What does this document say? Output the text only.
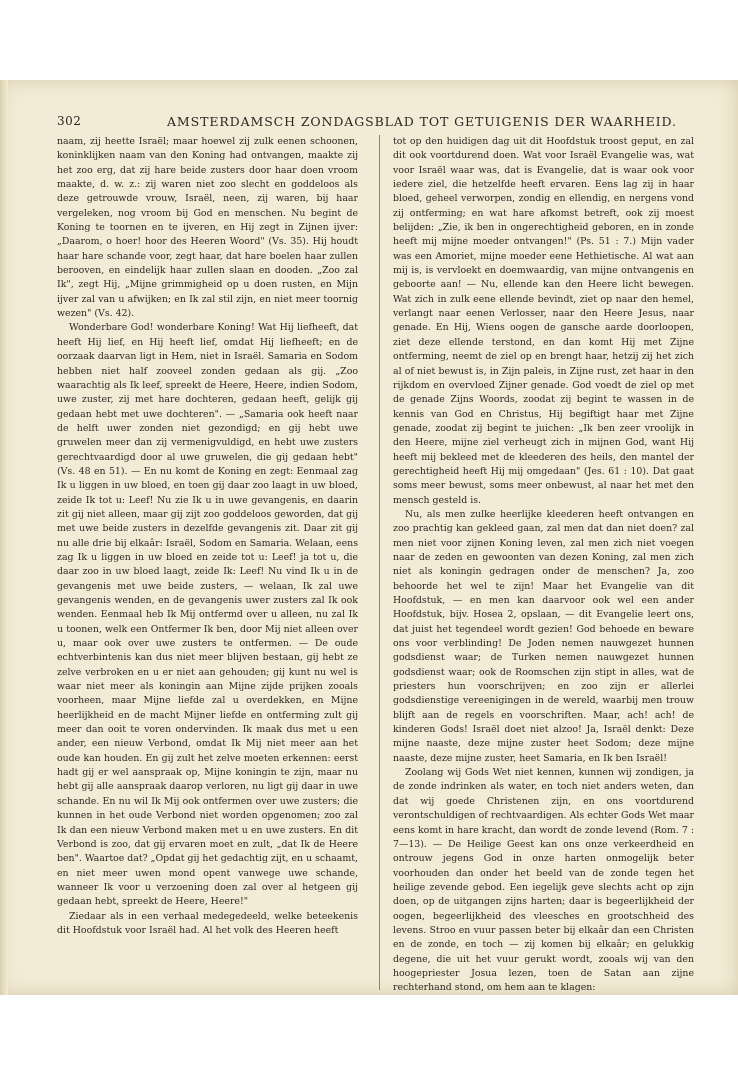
302	AMSTERDAMSCH ZONDAGSBLAD TOT GETUIGENIS DER WAARHEID.

naam, zij heette Israël; maar hoewel zij zulk eenen schoonen, koninklijken naam van den Koning had ontvangen, maakte zij het zoo erg, dat zij hare beide zusters door haar doen vroom maakte, d. w. z.: zij waren niet zoo slecht en goddeloos als deze getrouwde vrouw, Israël, neen, zij waren, bij haar vergeleken, nog vroom bij God en menschen. Nu begint de Koning te toornen en te ijveren, en Hij zegt in Zijnen ijver: „Daarom, o hoer! hoor des Heeren Woord" (Vs. 35). Hij houdt haar hare schande voor, zegt haar, dat hare boelen haar zullen berooven, en eindelijk haar zullen slaan en dooden. „Zoo zal Ik", zegt Hij, „Mijne grimmigheid op u doen rusten, en Mijn ijver zal van u afwijken; en Ik zal stil zijn, en niet meer toornig wezen" (Vs. 42).

Wonderbare God! wonderbare Koning! Wat Hij liefheeft, dat heeft Hij lief, en Hij heeft lief, omdat Hij liefheeft; en de oorzaak daarvan ligt in Hem, niet in Israël. Samaria en Sodom hebben niet half zooveel zonden gedaan als gij. „Zoo waarachtig als Ik leef, spreekt de Heere, Heere, indien Sodom, uwe zuster, zij met hare dochteren, gedaan heeft, gelijk gij gedaan hebt met uwe dochteren". — „Samaria ook heeft naar de helft uwer zonden niet gezondigd; en gij hebt uwe gruwelen meer dan zij vermenigvuldigd, en hebt uwe zusters gerechtvaardigd door al uwe gruwelen, die gij gedaan hebt" (Vs. 48 en 51). — En nu komt de Koning en zegt: Eenmaal zag Ik u liggen in uw bloed, en toen gij daar zoo laagt in uw bloed, zeide Ik tot u: Leef! Nu zie Ik u in uwe gevangenis, en daarin zit gij niet alleen, maar gij zijt zoo goddeloos geworden, dat gij met uwe beide zusters in dezelfde gevangenis zit. Daar zit gij nu alle drie bij elkaâr: Israël, Sodom en Samaria. Welaan, eens zag Ik u liggen in uw bloed en zeide tot u: Leef! ja tot u, die daar zoo in uw bloed laagt, zeide Ik: Leef! Nu vind Ik u in de gevangenis met uwe beide zusters, — welaan, Ik zal uwe gevangenis wenden, en de gevangenis uwer zusters zal Ik ook wenden. Eenmaal heb Ik Mij ontfermd over u alleen, nu zal Ik u toonen, welk een Ontfermer Ik ben, door Mij niet alleen over u, maar ook over uwe zusters te ontfermen. — De oude echtverbintenis kan dus niet meer blijven bestaan, gij hebt ze zelve verbroken en u er niet aan gehouden; gij kunt nu wel is waar niet meer als koningin aan Mijne zijde prijken zooals voorheen, maar Mijne liefde zal u overdekken, en Mijne heerlijkheid en de macht Mijner liefde en ontferming zult gij meer dan ooit te voren ondervinden. Ik maak dus met u een ander, een nieuw Verbond, omdat Ik Mij niet meer aan het oude kan houden. En gij zult het zelve moeten erkennen: eerst hadt gij er wel aanspraak op, Mijne koningin te zijn, maar nu hebt gij alle aanspraak daarop verloren, nu ligt gij daar in uwe schande. En nu wil Ik Mij ook ontfermen over uwe zusters; die kunnen in het oude Verbond niet worden opgenomen; zoo zal Ik dan een nieuw Verbond maken met u en uwe zusters. En dit Verbond is zoo, dat gij ervaren moet en zult, „dat Ik de Heere ben". Waartoe dat? „Opdat gij het gedachtig zijt, en u schaamt, en niet meer uwen mond opent vanwege uwe schande, wanneer Ik voor u verzoening doen zal over al hetgeen gij gedaan hebt, spreekt de Heere, Heere!"

Ziedaar als in een verhaal medegedeeld, welke beteekenis dit Hoofdstuk voor Israël had. Al het volk des Heeren heeft

tot op den huidigen dag uit dit Hoofdstuk troost geput, en zal dit ook voortdurend doen. Wat voor Israël Evangelie was, wat voor Israël waar was, dat is Evangelie, dat is waar ook voor iedere ziel, die hetzelfde heeft ervaren. Eens lag zij in haar bloed, geheel verworpen, zondig en ellendig, en nergens vond zij ontferming; en wat hare afkomst betreft, ook zij moest belijden: „Zie, ik ben in ongerechtigheid geboren, en in zonde heeft mij mijne moeder ontvangen!" (Ps. 51 : 7.) Mijn vader was een Amoriet, mijne moeder eene Hethietische. Al wat aan mij is, is vervloekt en doemwaardig, van mijne ontvangenis en geboorte aan! — Nu, ellende kan den Heere licht bewegen. Wat zich in zulk eene ellende bevindt, ziet op naar den hemel, verlangt naar eenen Verlosser, naar den Heere Jesus, naar genade. En Hij, Wiens oogen de gansche aarde doorloopen, ziet deze ellende terstond, en dan komt Hij met Zijne ontferming, neemt de ziel op en brengt haar, hetzij zij het zich al of niet bewust is, in Zijn paleis, in Zijne rust, zet haar in den rijkdom en overvloed Zijner genade. God voedt de ziel op met de genade Zijns Woords, zoodat zij begint te wassen in de kennis van God en Christus, Hij begiftigt haar met Zijne genade, zoodat zij begint te juichen: „Ik ben zeer vroolijk in den Heere, mijne ziel verheugt zich in mijnen God, want Hij heeft mij bekleed met de kleederen des heils, den mantel der gerechtigheid heeft Hij mij omgedaan" (Jes. 61 : 10). Dat gaat soms meer bewust, soms meer onbewust, al naar het met den mensch gesteld is.

Nu, als men zulke heerlijke kleederen heeft ontvangen en zoo prachtig kan gekleed gaan, zal men dat dan niet doen? zal men niet voor zijnen Koning leven, zal men zich niet voegen naar de zeden en gewoonten van dezen Koning, zal men zich niet als koningin gedragen onder de menschen? Ja, zoo behoorde het wel te zijn! Maar het Evangelie van dit Hoofdstuk, — en men kan daarvoor ook wel een ander Hoofdstuk, bijv. Hosea 2, opslaan, — dit Evangelie leert ons, dat juist het tegendeel wordt gezien! God behoede en beware ons voor verblinding! De Joden nemen nauwgezet hunnen godsdienst waar; de Turken nemen nauwgezet hunnen godsdienst waar; ook de Roomschen zijn stipt in alles, wat de priesters hun voorschrijven; en zoo zijn er allerlei godsdienstige vereenigingen in de wereld, waarbij men trouw blijft aan de regels en voorschriften. Maar, ach! ach! de kinderen Gods! Israël doet niet alzoo! Ja, Israël denkt: Deze mijne naaste, deze mijne zuster heet Sodom; deze mijne naaste, deze mijne zuster, heet Samaria, en Ik ben Israël!

Zoolang wij Gods Wet niet kennen, kunnen wij zondigen, ja de zonde indrinken als water, en toch niet anders weten, dan dat wij goede Christenen zijn, en ons voortdurend verontschuldigen of rechtvaardigen. Als echter Gods Wet maar eens komt in hare kracht, dan wordt de zonde levend (Rom. 7 : 7—13). — De Heilige Geest kan ons onze verkeerdheid en ontrouw jegens God in onze harten onmogelijk beter voorhouden dan onder het beeld van de zonde tegen het heilige zevende gebod. Een iegelijk geve slechts acht op zijn doen, op de uitgangen zijns harten; daar is begeerlijkheid der oogen, begeerlijkheid des vleesches en grootschheid des levens. Stroo en vuur passen beter bij elkaâr dan een Christen en de zonde, en toch — zij komen bij elkaâr; en gelukkig degene, die uit het vuur gerukt wordt, zooals wij van den hoogepriester Josua lezen, toen de Satan aan zijne rechterhand stond, om hem aan te klagen:
